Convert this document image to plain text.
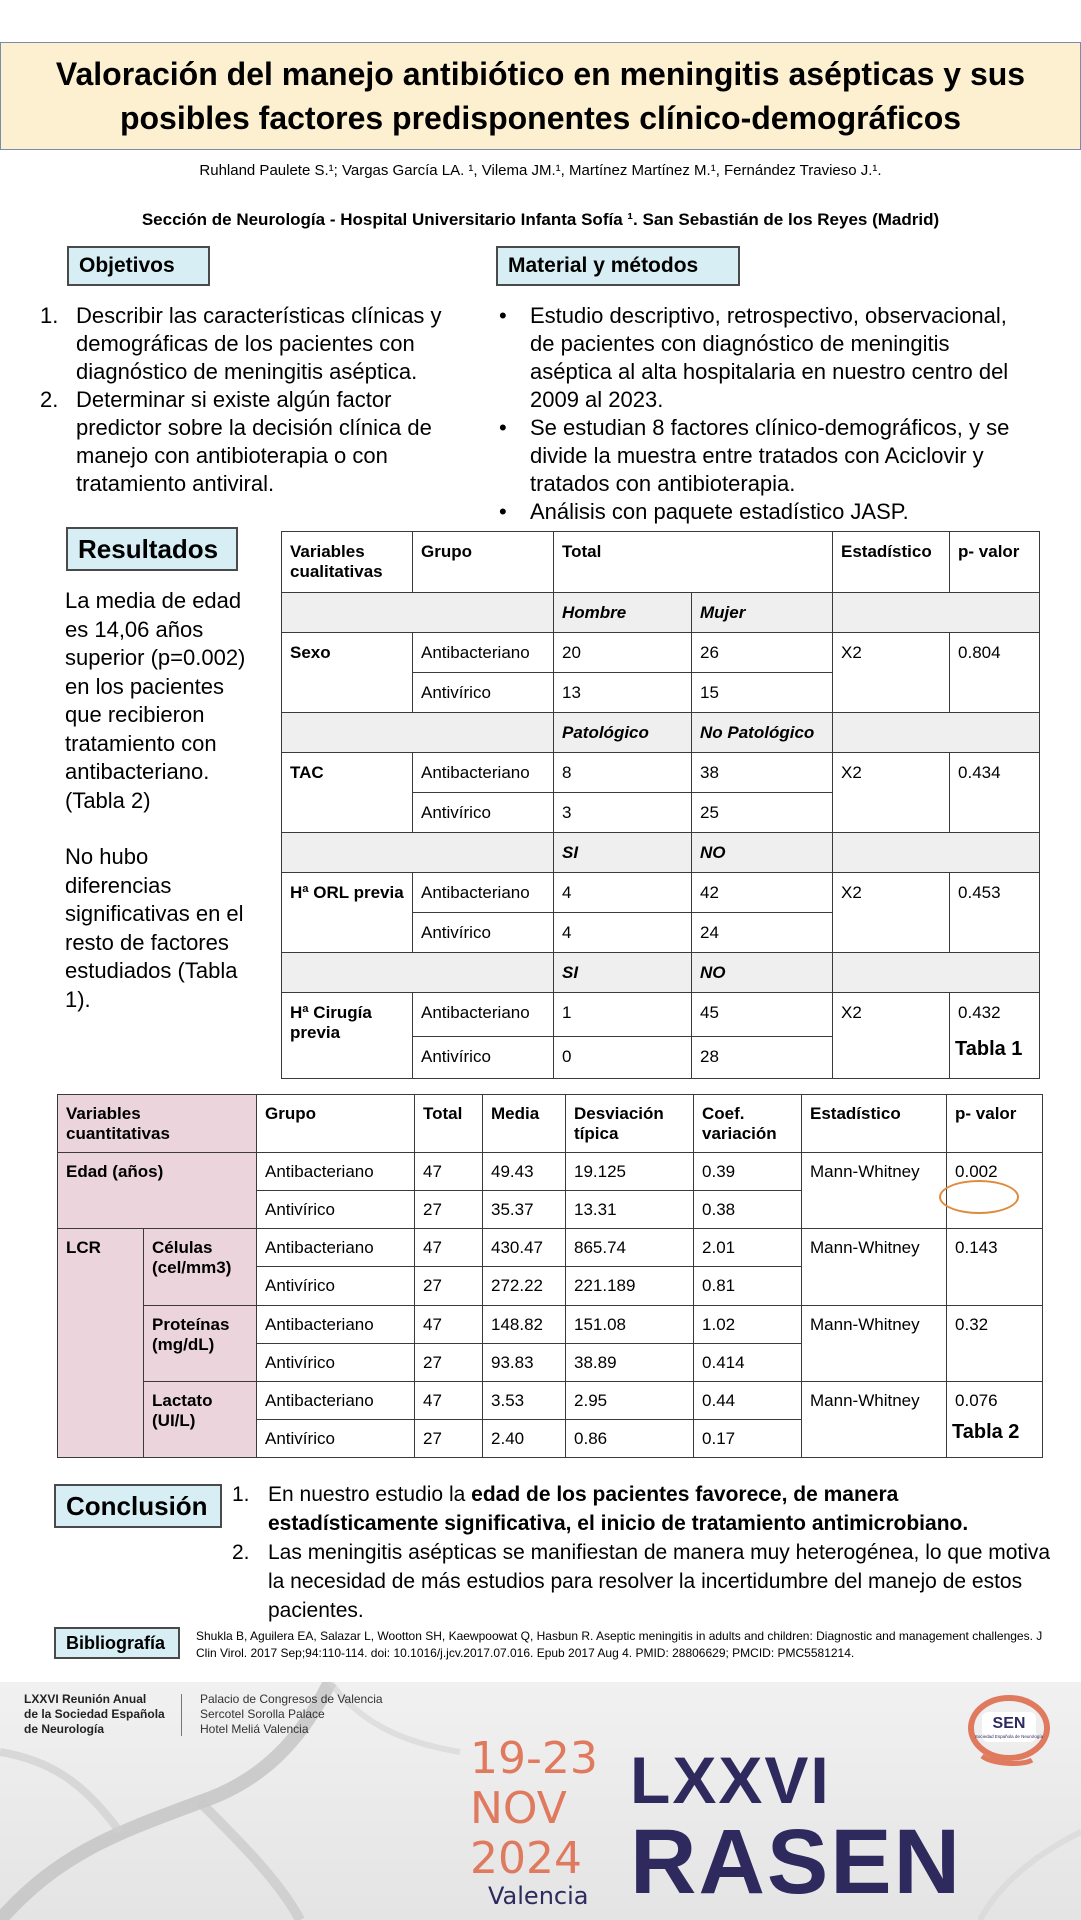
Valoración del manejo antibiótico en meningitis asépticas y sus posibles factores predisponentes clínico-demográficos
Ruhland Paulete S.¹; Vargas García LA. ¹, Vilema JM.¹, Martínez Martínez M.¹, Fernández Travieso J.¹.
Sección de Neurología - Hospital Universitario Infanta Sofía ¹. San Sebastián de los Reyes (Madrid)
Objetivos
1. Describir las características clínicas y demográficas de los pacientes con diagnóstico de meningitis aséptica.
2. Determinar si existe algún factor predictor sobre la decisión clínica de manejo con antibioterapia o con tratamiento antiviral.
Material y métodos
• Estudio descriptivo, retrospectivo, observacional, de pacientes con diagnóstico de meningitis aséptica al alta hospitalaria en nuestro centro del 2009 al 2023.
• Se estudian 8 factores clínico-demográficos, y se divide la muestra entre tratados con Aciclovir y tratados con antibioterapia.
• Análisis con paquete estadístico JASP.
Resultados

La media de edad es 14,06 años superior (p=0.002) en los pacientes que recibieron tratamiento con antibacteriano. (Tabla 2)

No hubo diferencias significativas en el resto de factores estudiados (Tabla 1).

Variables cualitativas	Grupo	Total		Estadístico	p- valor
		Hombre	Mujer		
Sexo	Antibacteriano	20	26	X2	0.804
	Antivírico	13	15		
		Patológico	No Patológico		
TAC	Antibacteriano	8	38	X2	0.434
	Antivírico	3	25		
		SI	NO		
Hª ORL previa	Antibacteriano	4	42	X2	0.453
	Antivírico	4	24		
		SI	NO		
Hª Cirugía previa	Antibacteriano	1	45	X2	0.432
	Antivírico	0	28			Tabla 1
Variables cuantitativas		Grupo	Total	Media	Desviación típica	Coef. variación	Estadístico	p- valor
Edad (años)		Antibacteriano	47	49.43	19.125	0.39	Mann-Whitney	0.002
		Antivírico	27	35.37	13.31	0.38		
LCR	Células (cel/mm3)	Antibacteriano	47	430.47	865.74	2.01	Mann-Whitney	0.143
		Antivírico	27	272.22	221.189	0.81		
	Proteínas (mg/dL)	Antibacteriano	47	148.82	151.08	1.02	Mann-Whitney	0.32
		Antivírico	27	93.83	38.89	0.414		
	Lactato (UI/L)	Antibacteriano	47	3.53	2.95	0.44	Mann-Whitney	0.076
		Antivírico	27	2.40	0.86	0.17			Tabla 2
Conclusión	1. En nuestro estudio la edad de los pacientes favorece, de manera estadísticamente significativa, el inicio de tratamiento antimicrobiano.
2. Las meningitis asépticas se manifiestan de manera muy heterogénea, lo que motiva la necesidad de más estudios para resolver la incertidumbre del manejo de estos pacientes.
Bibliografía	Shukla B, Aguilera EA, Salazar L, Wootton SH, Kaewpoowat Q, Hasbun R. Aseptic meningitis in adults and children: Diagnostic and management challenges. J Clin Virol. 2017 Sep;94:110-114. doi: 10.1016/j.jcv.2017.07.016. Epub 2017 Aug 4. PMID: 28806629; PMCID: PMC5581214.
LXXVI Reunión Anual
de la Sociedad Española
de Neurología
Palacio de Congresos de Valencia
Sercotel Sorolla Palace
Hotel Meliá Valencia
19-23
NOV
2024
Valencia
LXXVI
RASEN
SEN
Sociedad Española de Neurología
